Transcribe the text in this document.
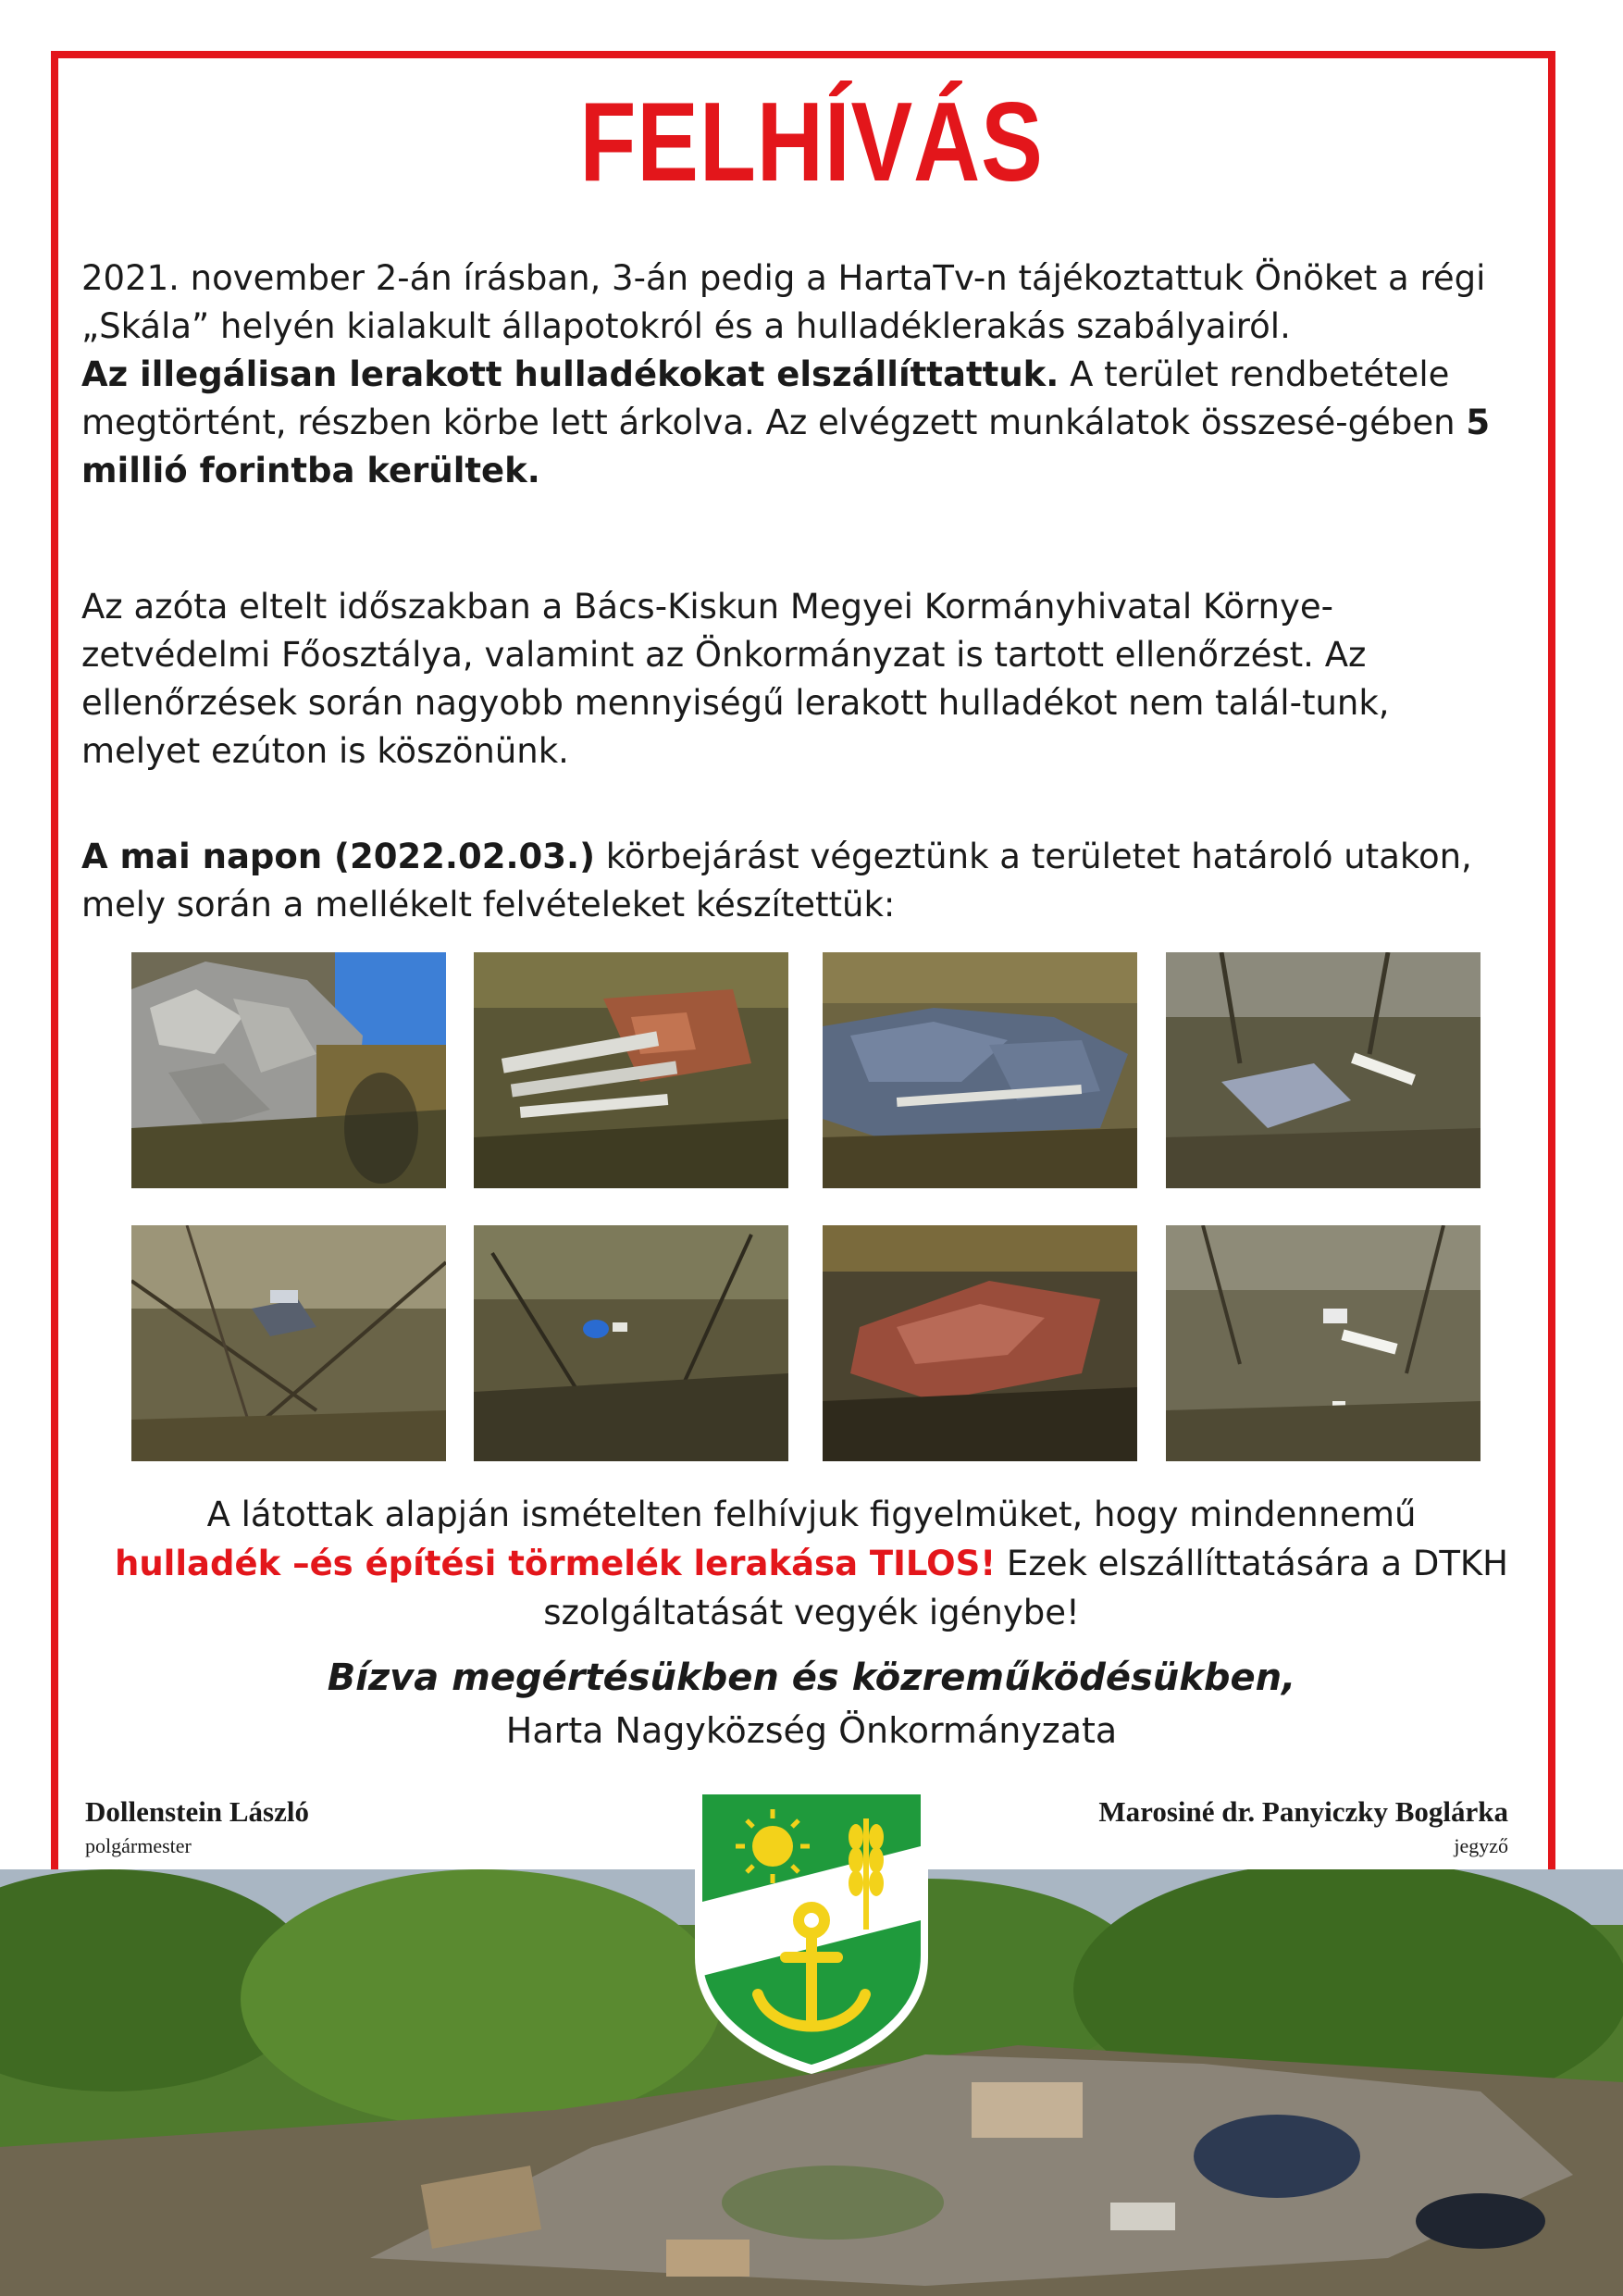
FELHÍVÁS
2021. november 2-án írásban, 3-án pedig a HartaTv-n tájékoztattuk Önöket a régi „Skála” helyén kialakult állapotokról és a hulladéklerakás szabályairól.
Az illegálisan lerakott hulladékokat elszállíttattuk. A terület rendbetétele megtörtént, részben körbe lett árkolva. Az elvégzett munkálatok összesé-gében 5 millió forintba kerültek.
Az azóta eltelt időszakban a Bács-Kiskun Megyei Kormányhivatal Környe-zetvédelmi Főosztálya, valamint az Önkormányzat is tartott ellenőrzést. Az ellenőrzések során nagyobb mennyiségű lerakott hulladékot nem talál-tunk, melyet ezúton is köszönünk.
A mai napon (2022.02.03.) körbejárást végeztünk a területet határoló utakon, mely során a mellékelt felvételeket készítettük:
A látottak alapján ismételten felhívjuk figyelmüket, hogy mindennemű
hulladék –és építési törmelék lerakása TILOS! Ezek elszállíttatására a DTKH szolgáltatását vegyék igénybe!
Bízva megértésükben és közreműködésükben,
Harta Nagyközség Önkormányzata
Dollenstein László
polgármester
Marosiné dr. Panyiczky Boglárka
jegyző
